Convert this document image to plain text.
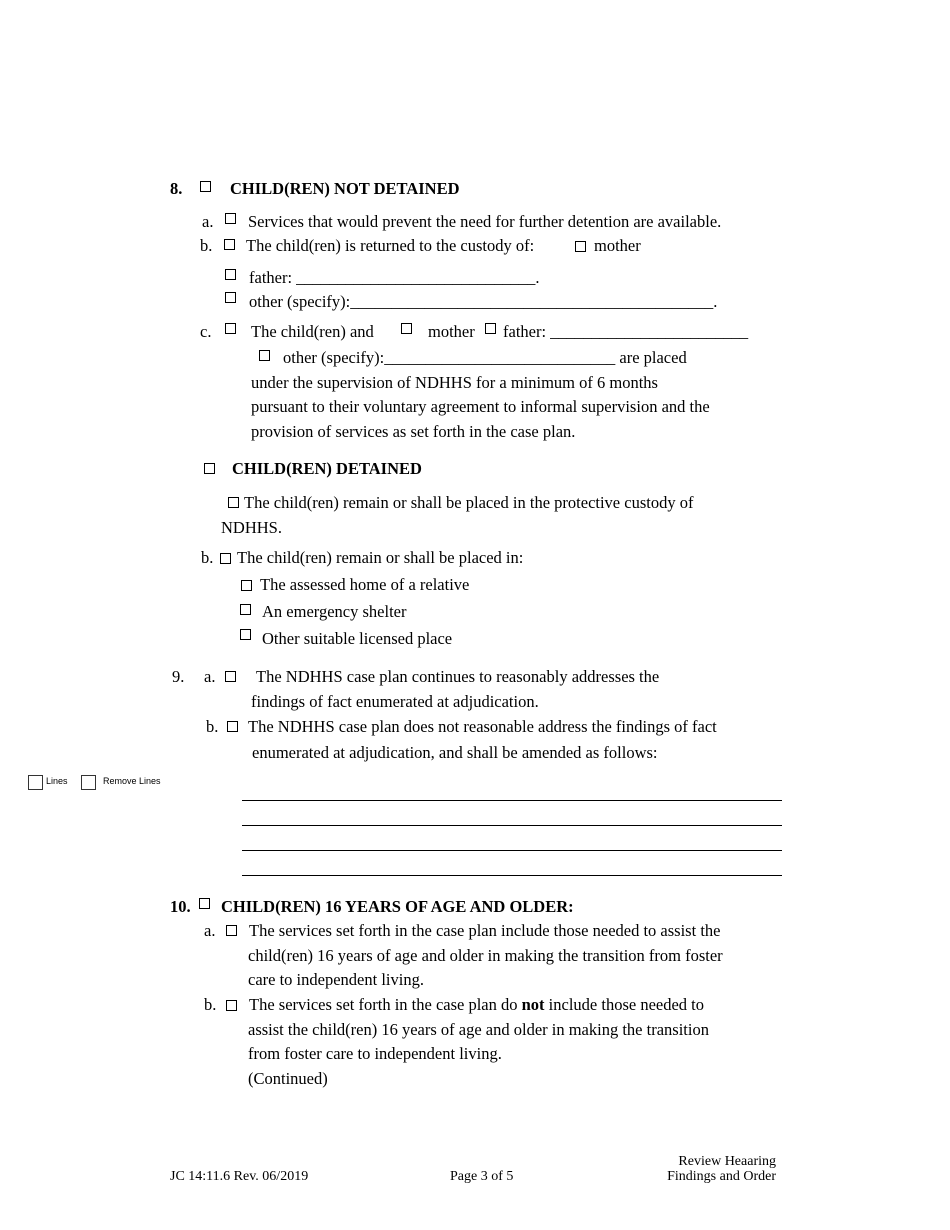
8.	CHILD(REN) NOT DETAINED
a. Services that would prevent the need for further detention are available.
b. The child(ren) is returned to the custody of:	mother
father: _____________________________.
other (specify):____________________________________________.
c. The child(ren) and	mother father: ________________________
other (specify):____________________________ are placed
under the supervision of NDHHS for a minimum of 6 months
pursuant to their voluntary agreement to informal supervision and the
provision of services as set forth in the case plan.
CHILD(REN) DETAINED
The child(ren) remain or shall be placed in the protective custody of
NDHHS.
b. The child(ren) remain or shall be placed in:
The assessed home of a relative
An emergency shelter
Other suitable licensed place
9. a. The NDHHS case plan continues to reasonably addresses the
findings of fact enumerated at adjudication.
b. The NDHHS case plan does not reasonable address the findings of fact
enumerated at adjudication, and shall be amended as follows:
Lines	Remove Lines
10. CHILD(REN) 16 YEARS OF AGE AND OLDER:
a. The services set forth in the case plan include those needed to assist the
child(ren) 16 years of age and older in making the transition from foster
care to independent living.
b. The services set forth in the case plan do not include those needed to
assist the child(ren) 16 years of age and older in making the transition
from foster care to independent living.
(Continued)
JC 14:11.6 Rev. 06/2019	Page 3 of 5
Review Heaaring
Findings and Order
